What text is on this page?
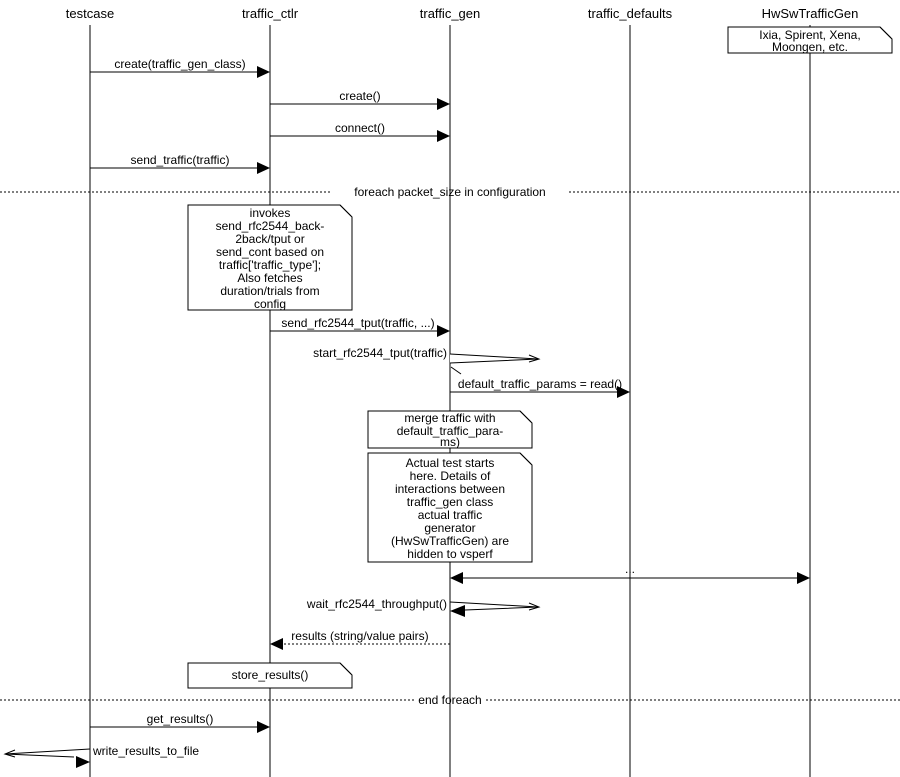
testcase	traffic_ctlr	traffic_gen	traffic_defaults	HwSwTrafficGen
foreach packet_size in configuration
end foreach
create(traffic_gen_class)
create()
connect()
send_traffic(traffic)
send_rfc2544_tput(traffic, ...)
start_rfc2544_tput(traffic)
default_traffic_params = read()
...
wait_rfc2544_throughput()
results (string/value pairs)
get_results()
write_results_to_file
Ixia, Spirent, Xena,
Moongen, etc.
invokes
send_rfc2544_back-
2back/tput or
send_cont based on
traffic['traffic_type'];
Also fetches
duration/trials from
config
merge traffic with
default_traffic_para-
ms)
Actual test starts
here. Details of
interactions between
traffic_gen class
actual traffic
generator
(HwSwTrafficGen) are
hidden to vsperf
store_results()
